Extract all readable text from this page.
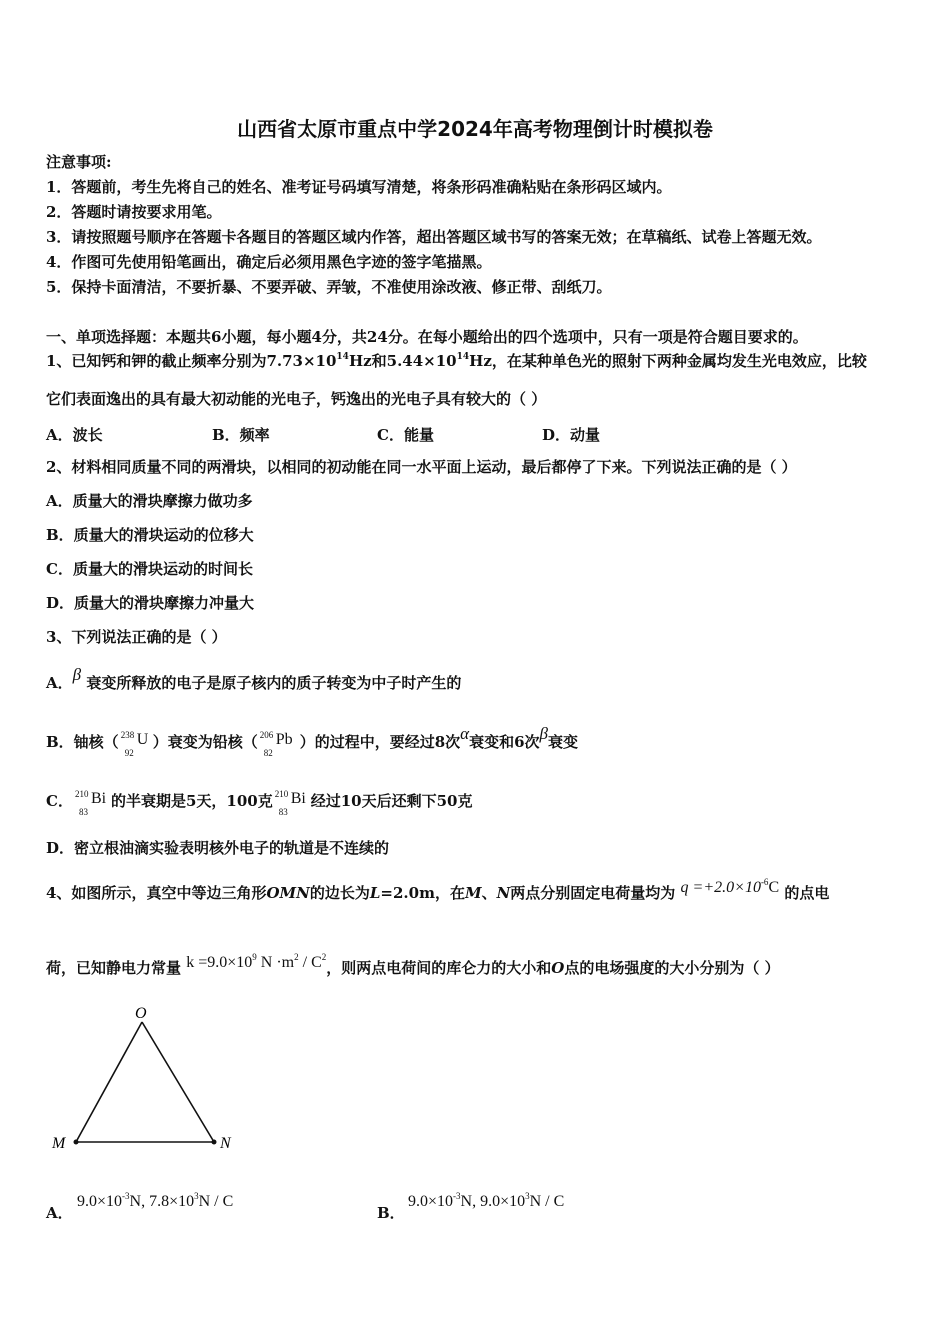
山西省太原市重点中学2024年高考物理倒计时模拟卷
注意事项:
1．答题前，考生先将自己的姓名、准考证号码填写清楚，将条形码准确粘贴在条形码区域内。
2．答题时请按要求用笔。
3．请按照题号顺序在答题卡各题目的答题区域内作答，超出答题区域书写的答案无效；在草稿纸、试卷上答题无效。
4．作图可先使用铅笔画出，确定后必须用黑色字迹的签字笔描黑。
5．保持卡面清洁，不要折暴、不要弄破、弄皱，不准使用涂改液、修正带、刮纸刀。
一、单项选择题：本题共6小题，每小题4分，共24分。在每小题给出的四个选项中，只有一项是符合题目要求的。
1、已知钙和钾的截止频率分别为$7.73\times 10^{14}Hz$和$5.44\times 10^{14}Hz$，在某种单色光的照射下两种金属均发生光电效应，比较
它们表面逸出的具有最大初动能的光电子，钙逸出的光电子具有较大的（ ）
A．波长	B．频率	C．能量	D．动量
2、材料相同质量不同的两滑块，以相同的初动能在同一水平面上运动，最后都停了下来。下列说法正确的是（ ）
A．质量大的滑块摩擦力做功多
B．质量大的滑块运动的位移大
C．质量大的滑块运动的时间长
D．质量大的滑块摩擦力冲量大
3、下列说法正确的是（ ）
A．β 衰变所释放的电子是原子核内的质子转变为中子时产生的
B．铀核（ 238
92
U ）衰变为铅核（ 206
82
Pb ）的过程中，要经过8次α衰变和6次β衰变
C． 210
83
Bi 的半衰期是5天，100克 210
83
Bi 经过10天后还剩下50克
D．密立根油滴实验表明核外电子的轨道是不连续的
4、如图所示，真空中等边三角形OMN的边长为L=2.0m，在M、N两点分别固定电荷量均为 $q =+2.0\times 10^{-6}C$ 的点电
荷，已知静电力常量 $k =9.0\times 10^9$ $N \cdot m^2 / C^2$，则两点电荷间的库仑力的大小和O点的电场强度的大小分别为（ ）
O
M	N
A．
$9.0\times 10^{-3}N$, $7.8\times 10^3N / C$
B．
$9.0\times 10^{-3}N$, $9.0\times 10^3N / C$
